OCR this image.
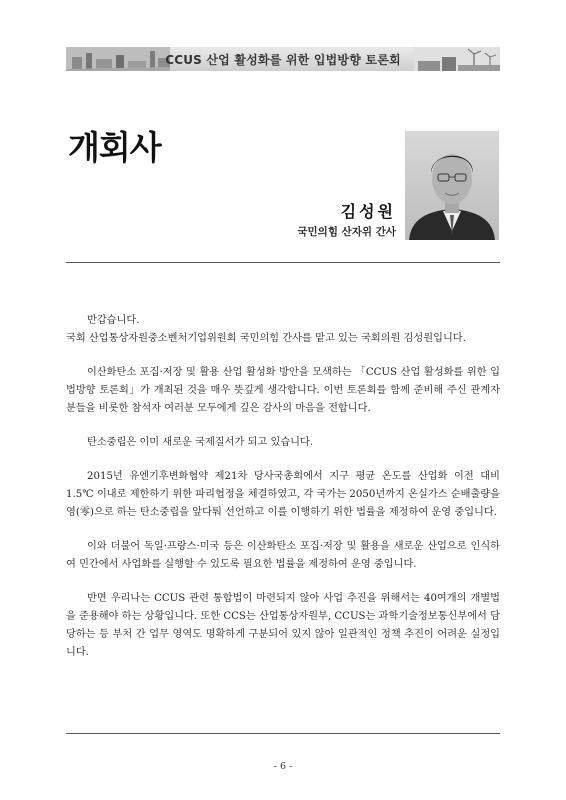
CCUS 산업 활성화를 위한 입법방향 토론회
개회사
김성원
국민의힘 산자위 간사

반갑습니다.
국회 산업통상자원중소벤처기업위원회 국민의힘 간사를 맡고 있는 국회의원 김성원입니다.

이산화탄소 포집·저장 및 활용 산업 활성화 방안을 모색하는 「CCUS 산업 활성화를 위한 입법방향 토론회」가 개최된 것을 매우 뜻깊게 생각합니다. 이번 토론회를 함께 준비해 주신 관계자분들을 비롯한 참석자 여러분 모두에게 깊은 감사의 마음을 전합니다.

탄소중립은 이미 새로운 국제질서가 되고 있습니다.

2015년 유엔기후변화협약 제21차 당사국총회에서 지구 평균 온도를 산업화 이전 대비 1.5℃ 이내로 제한하기 위한 파리협정을 체결하였고, 각 국가는 2050년까지 온실가스 순배출량을 영(零)으로 하는 탄소중립을 앞다퉈 선언하고 이를 이행하기 위한 법률을 제정하여 운영 중입니다.

이와 더불어 독일·프랑스·미국 등은 이산화탄소 포집·저장 및 활용을 새로운 산업으로 인식하여 민간에서 사업화를 실행할 수 있도록 필요한 법률을 제정하여 운영 중입니다.

반면 우리나는 CCUS 관련 통합법이 마련되지 않아 사업 추진을 위해서는 40여개의 개별법을 준용해야 하는 상황입니다. 또한 CCS는 산업통상자원부, CCUS는 과학기술정보통신부에서 담당하는 등 부처 간 업무 영역도 명확하게 구분되어 있지 않아 일관적인 정책 추진이 어려운 실정입니다.

- 6 -
